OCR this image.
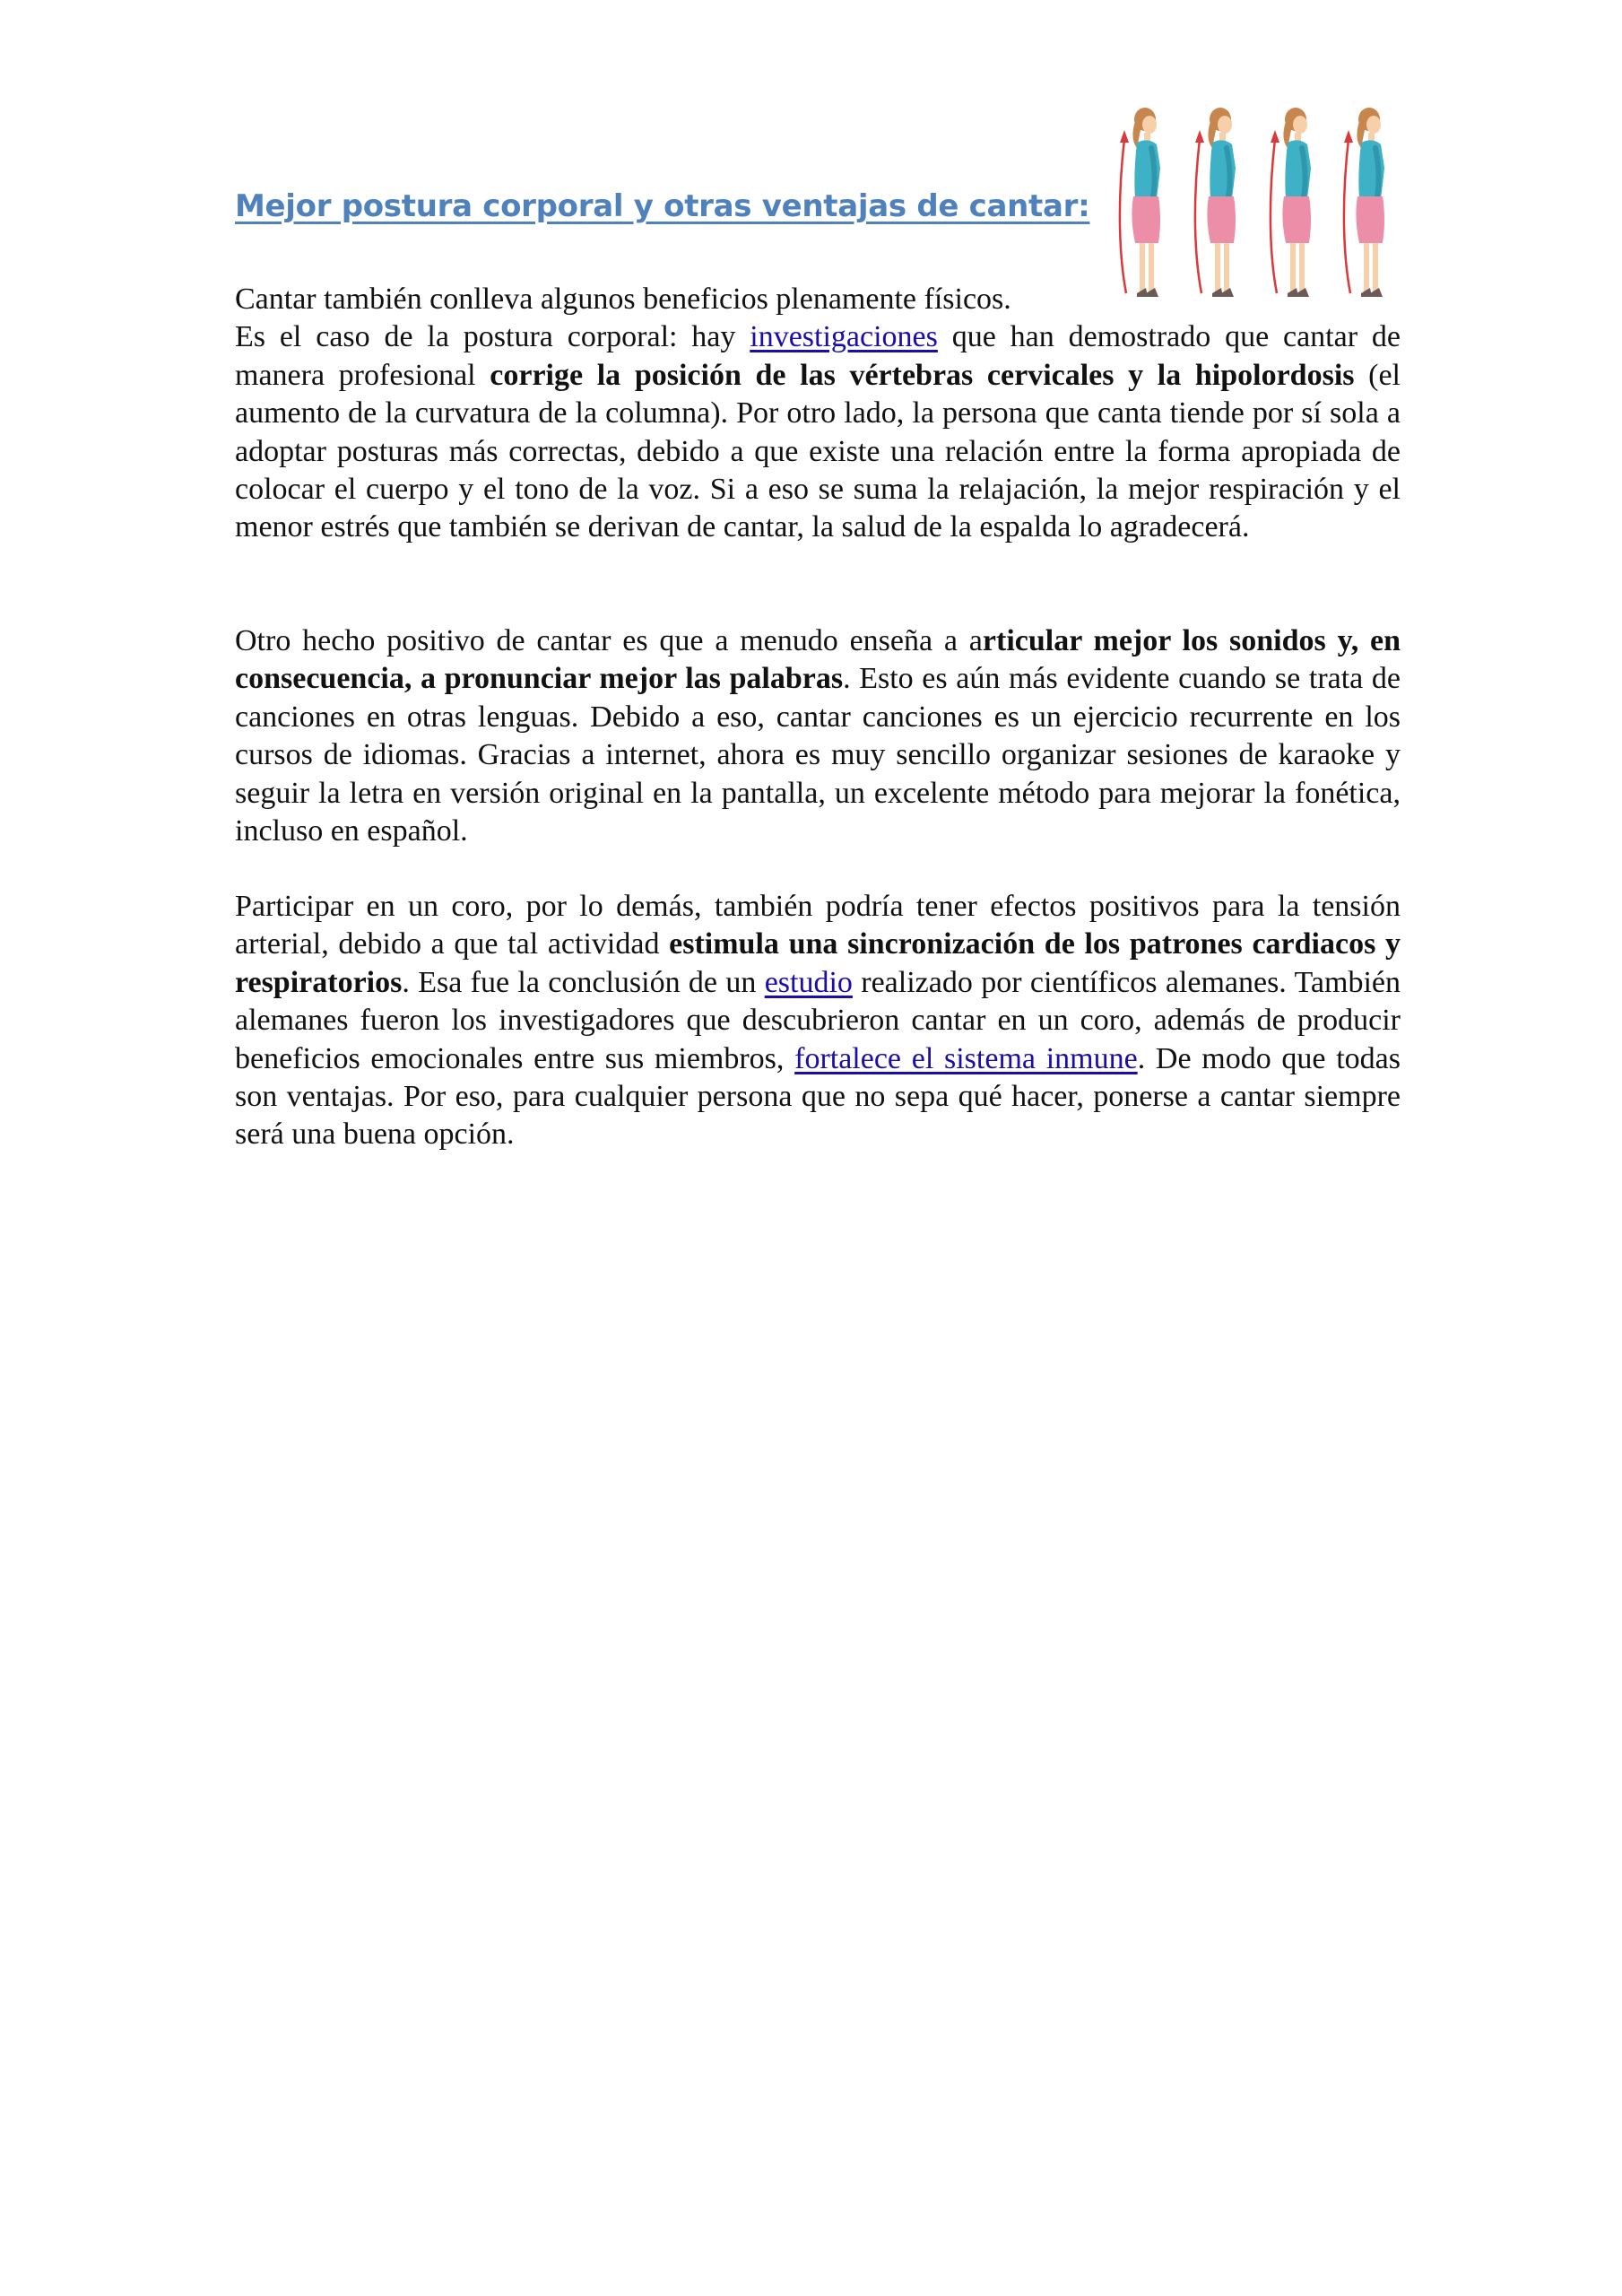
Mejor postura corporal y otras ventajas de cantar:

Cantar también conlleva algunos beneficios plenamente físicos.
Es el caso de la postura corporal: hay investigaciones que han demostrado que cantar de manera profesional corrige la posición de las vértebras cervicales y la hipolordosis (el aumento de la curvatura de la columna). Por otro lado, la persona que canta tiende por sí sola a adoptar posturas más correctas, debido a que existe una relación entre la forma apropiada de colocar el cuerpo y el tono de la voz. Si a eso se suma la relajación, la mejor respiración y el menor estrés que también se derivan de cantar, la salud de la espalda lo agradecerá.

Otro hecho positivo de cantar es que a menudo enseña a articular mejor los sonidos y, en consecuencia, a pronunciar mejor las palabras. Esto es aún más evidente cuando se trata de canciones en otras lenguas. Debido a eso, cantar canciones es un ejercicio recurrente en los cursos de idiomas. Gracias a internet, ahora es muy sencillo organizar sesiones de karaoke y seguir la letra en versión original en la pantalla, un excelente método para mejorar la fonética, incluso en español.

Participar en un coro, por lo demás, también podría tener efectos positivos para la tensión arterial, debido a que tal actividad estimula una sincronización de los patrones cardiacos y respiratorios. Esa fue la conclusión de un estudio realizado por científicos alemanes. También alemanes fueron los investigadores que descubrieron cantar en un coro, además de producir beneficios emocionales entre sus miembros, fortalece el sistema inmune. De modo que todas son ventajas. Por eso, para cualquier persona que no sepa qué hacer, ponerse a cantar siempre será una buena opción.
